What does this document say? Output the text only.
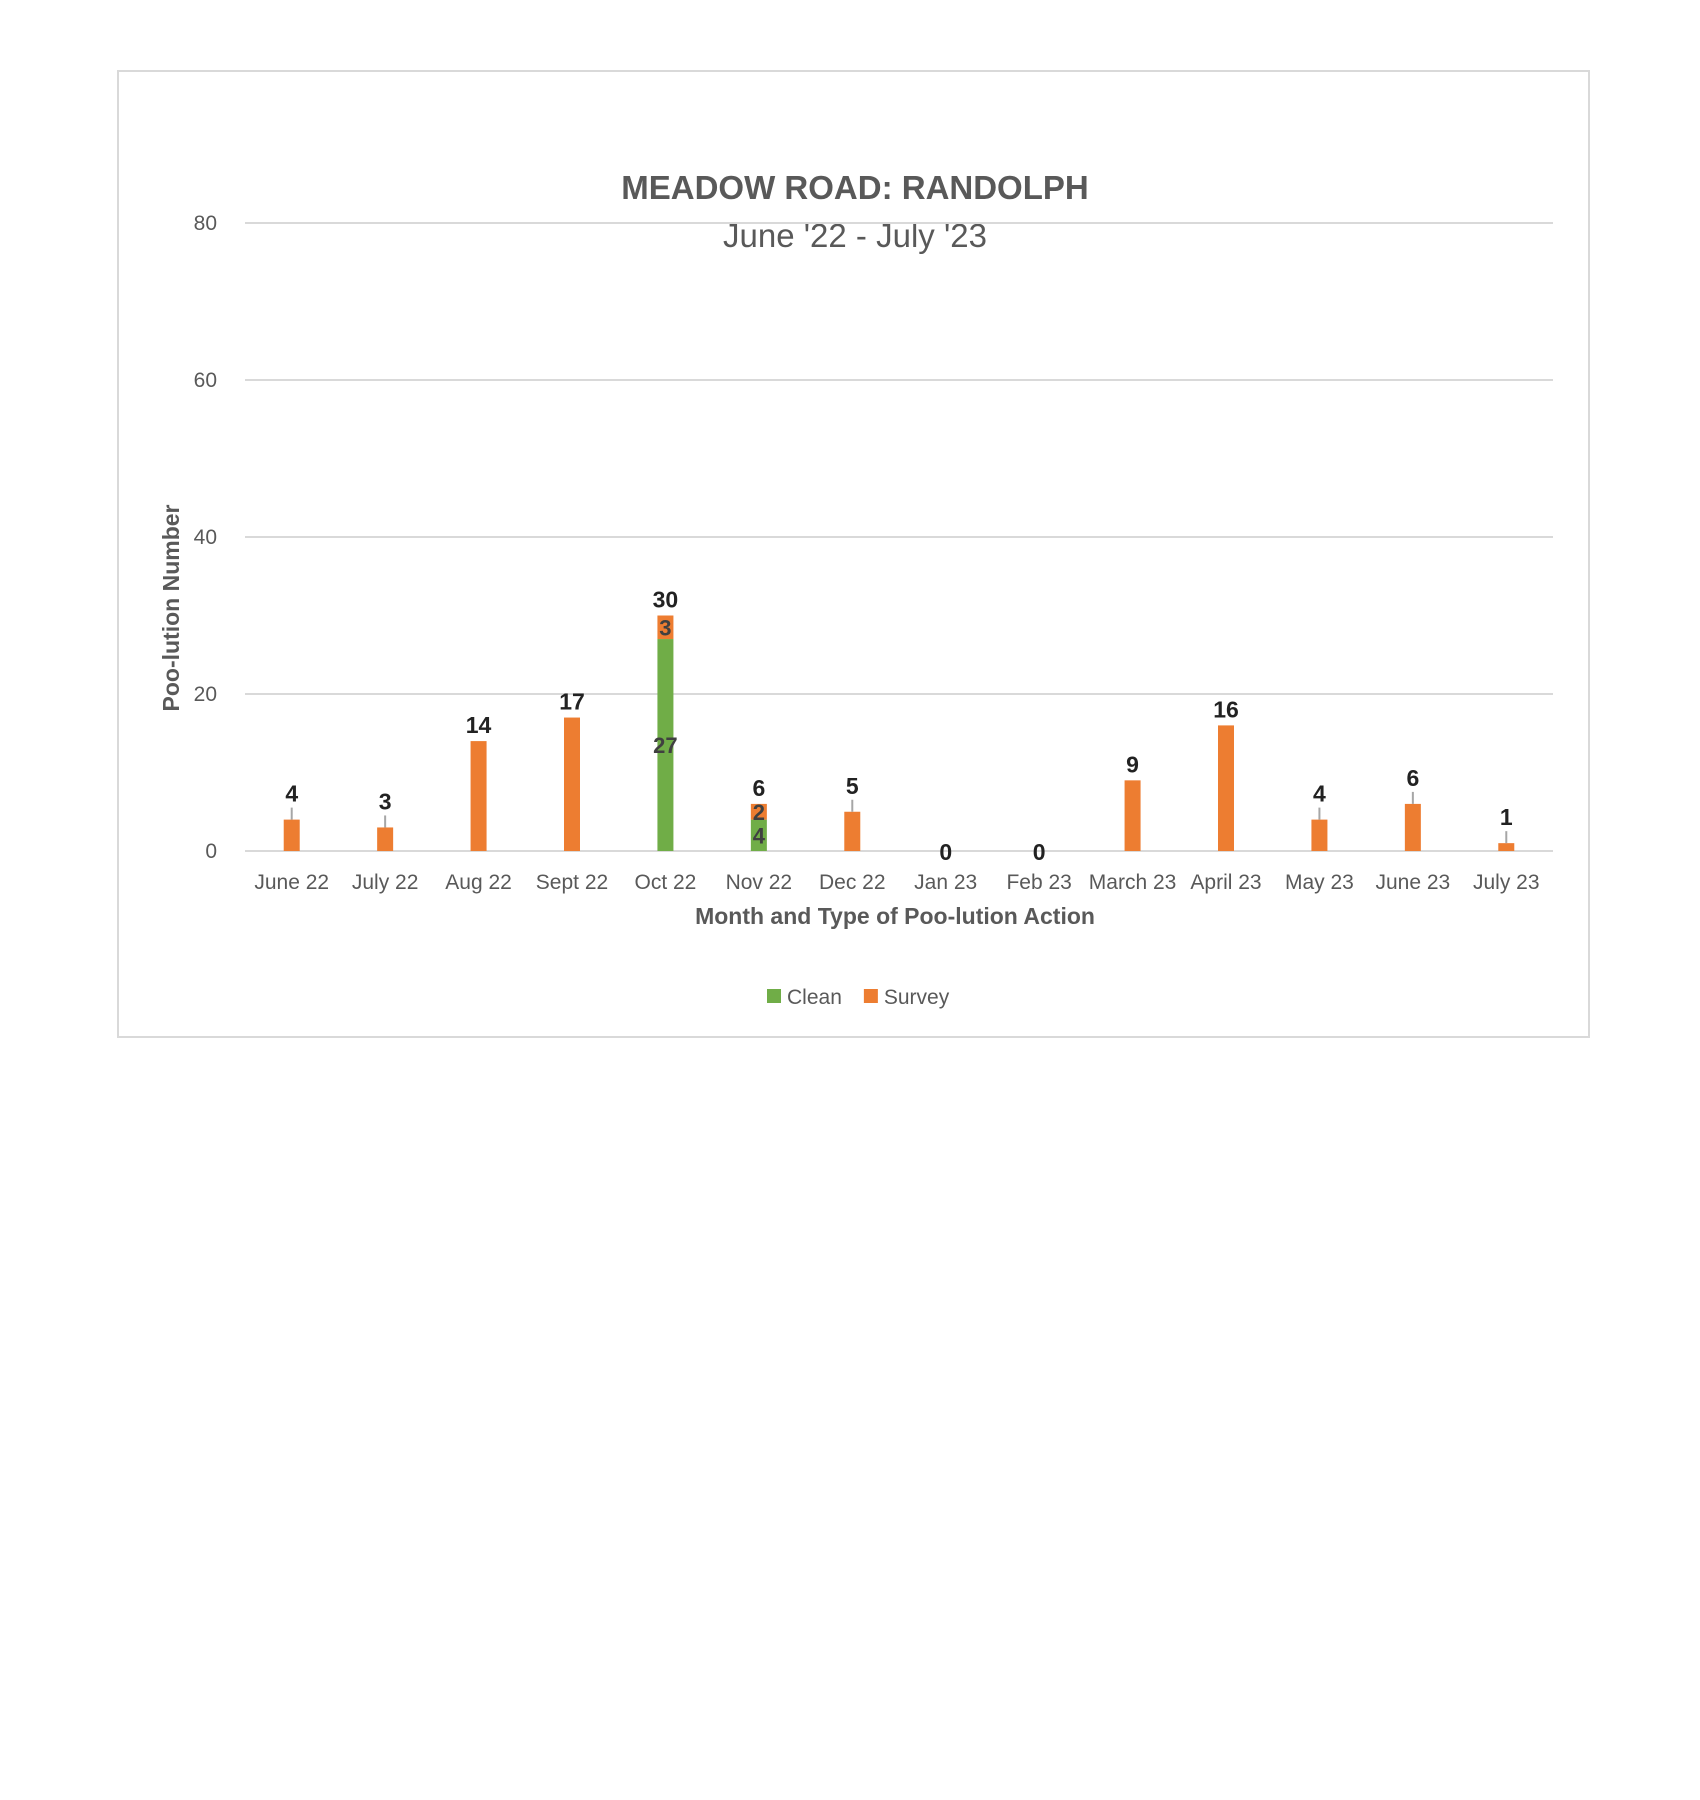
MEADOW ROAD: RANDOLPH
June '22 - July '23
0
20
40
60
80
4	3
14
17
30
6	5
0	0
9
16
4
6
1
27
3
4
2
June 22 July 22 Aug 22 Sept 22 Oct 22 Nov 22 Dec 22 Jan 23 Feb 23 March 23 April 23 May 23 June 23 July 23
Poo-lution Number
Month and Type of Poo-lution Action
Clean Survey
